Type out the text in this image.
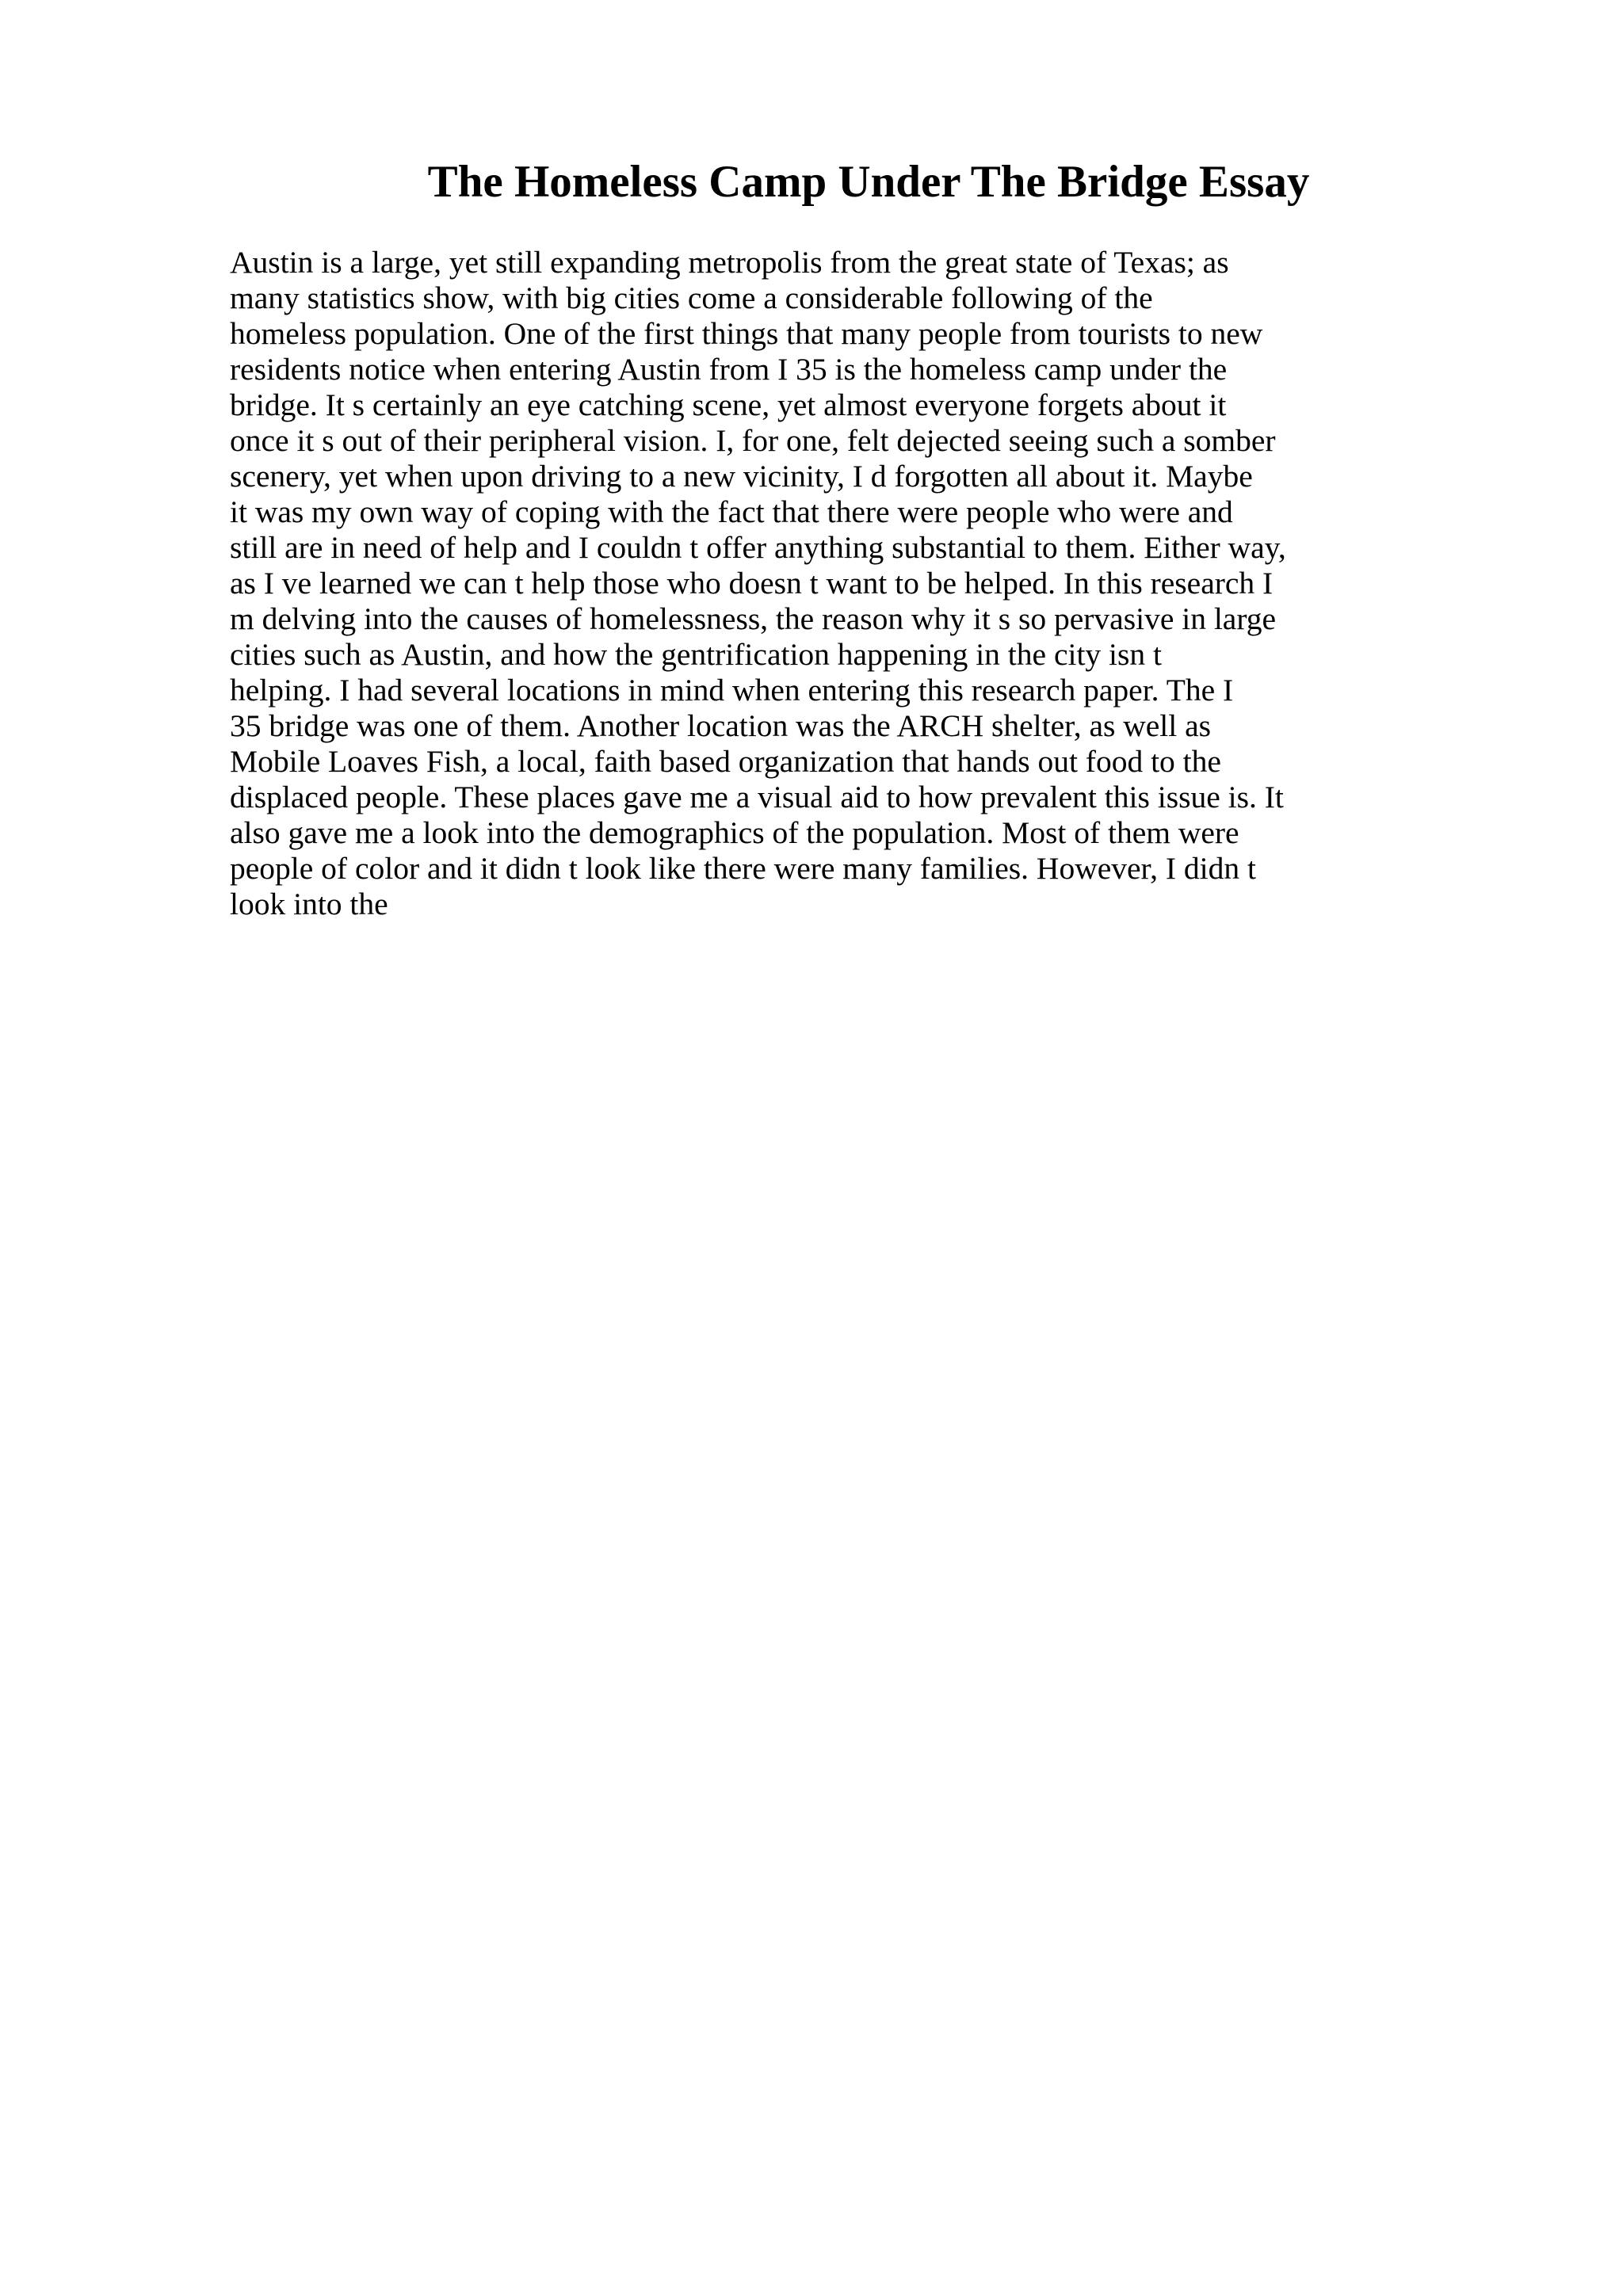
The Homeless Camp Under The Bridge Essay
Austin is a large, yet still expanding metropolis from the great state of Texas; as
many statistics show, with big cities come a considerable following of the
homeless population. One of the first things that many people from tourists to new
residents notice when entering Austin from I 35 is the homeless camp under the
bridge. It s certainly an eye catching scene, yet almost everyone forgets about it
once it s out of their peripheral vision. I, for one, felt dejected seeing such a somber
scenery, yet when upon driving to a new vicinity, I d forgotten all about it. Maybe
it was my own way of coping with the fact that there were people who were and
still are in need of help and I couldn t offer anything substantial to them. Either way,
as I ve learned we can t help those who doesn t want to be helped. In this research I
m delving into the causes of homelessness, the reason why it s so pervasive in large
cities such as Austin, and how the gentrification happening in the city isn t
helping. I had several locations in mind when entering this research paper. The I
35 bridge was one of them. Another location was the ARCH shelter, as well as
Mobile Loaves Fish, a local, faith based organization that hands out food to the
displaced people. These places gave me a visual aid to how prevalent this issue is. It
also gave me a look into the demographics of the population. Most of them were
people of color and it didn t look like there were many families. However, I didn t
look into the
